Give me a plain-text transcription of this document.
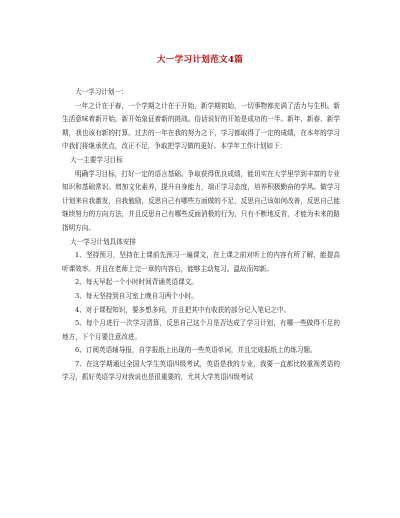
大一学习计划范文4篇

大一学习计划一：

一年之计在于春，一个学期之计在于开始，新学期初始，一切事物都充满了活力与生机。新生活意味着新开始，新开始象征着新的挑战。俗话说好的开始是成功的一半。新年、新春、新学期，我也该有新的打算。过去的一年在我的努力之下，学习都取得了一定的成绩，在本年的学习中我们将继承优点，改正不足，争取把学习做的更好。本学年工作计划如下：

大一主要学习目标

明确学习目标，打好一定的语言基础。争取获得优良成绩，能切实在大学里学到丰富的专业知识和基础常识。增加文化素养，提升自身能力，端正学习态度，培养积极勤奋的学风。做学习计划来自我激发，自我勉励，反思自己有哪些方面做的不足，反思自己该如何改善，反思自己能继续努力的方向方法，并且反思自己有哪些反面消极的行为，只有不断地反省，才能为未来的路指明方向。

大一学习计划具体安排

1、坚持预习，坚持在上课前先预习一遍课文，在上课之前对听上的内容有所了解，能提高听课效率。并且在老师上完一章的内容后，能够主动复习。温故而知新。

2、每天早起一个小时时间背诵英语课文。

3、每天坚持到自习室上晚自习两个小时。

4、对于课程知识，要多想多问，并且把其中有收获的部分记入笔记之中。

5、每个月进行一次学习清算，反思自己这个月是否达成了学习计划，有哪一些做得不足的地方，下个月要注意改进。

6、订阅英语辅导报，自学报纸上出现的一些英语单词，并且完成报纸上的练习题。

7、在这学期通过全国大学生英语四级考试，英语是我的专业，我要一直都比较重视英语的学习，抓好英语学习对我说也是很重要的，尤其大学英语四级考试
